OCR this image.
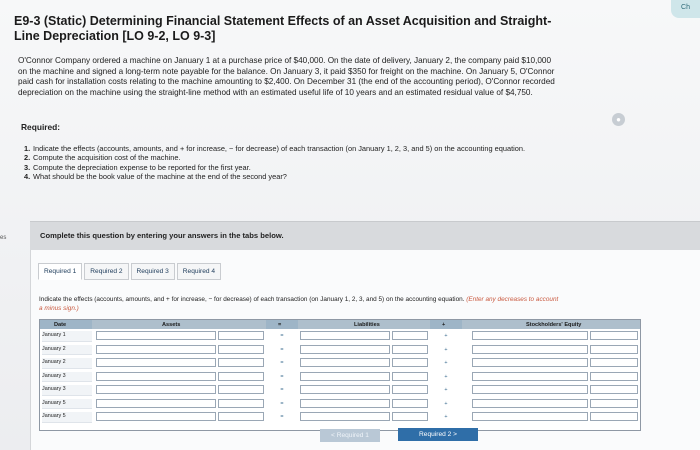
E9-3 (Static) Determining Financial Statement Effects of an Asset Acquisition and Straight-Line Depreciation [LO 9-2, LO 9-3]
O'Connor Company ordered a machine on January 1 at a purchase price of $40,000. On the date of delivery, January 2, the company paid $10,000 on the machine and signed a long-term note payable for the balance. On January 3, it paid $350 for freight on the machine. On January 5, O'Connor paid cash for installation costs relating to the machine amounting to $2,400. On December 31 (the end of the accounting period), O'Connor recorded depreciation on the machine using the straight-line method with an estimated useful life of 10 years and an estimated residual value of $4,750.
Required:
1. Indicate the effects (accounts, amounts, and + for increase, − for decrease) of each transaction (on January 1, 2, 3, and 5) on the accounting equation.
2. Compute the acquisition cost of the machine.
3. Compute the depreciation expense to be reported for the first year.
4. What should be the book value of the machine at the end of the second year?
es
Ch
●
Complete this question by entering your answers in the tabs below.
Required 1	Required 2	Required 3	Required 4
Indicate the effects (accounts, amounts, and + for increase, − for decrease) of each transaction (on January 1, 2, 3, and 5) on the accounting equation. (Enter any decreases to account
a minus sign.)
Date	Assets	=	Liabilities	+	Stockholders' Equity
January 1	=	+
January 2	=	+
January 2	=	+
January 3	=	+
January 3	=	+
January 5	=	+
January 5	=	+
< Required 1	Required 2 >
